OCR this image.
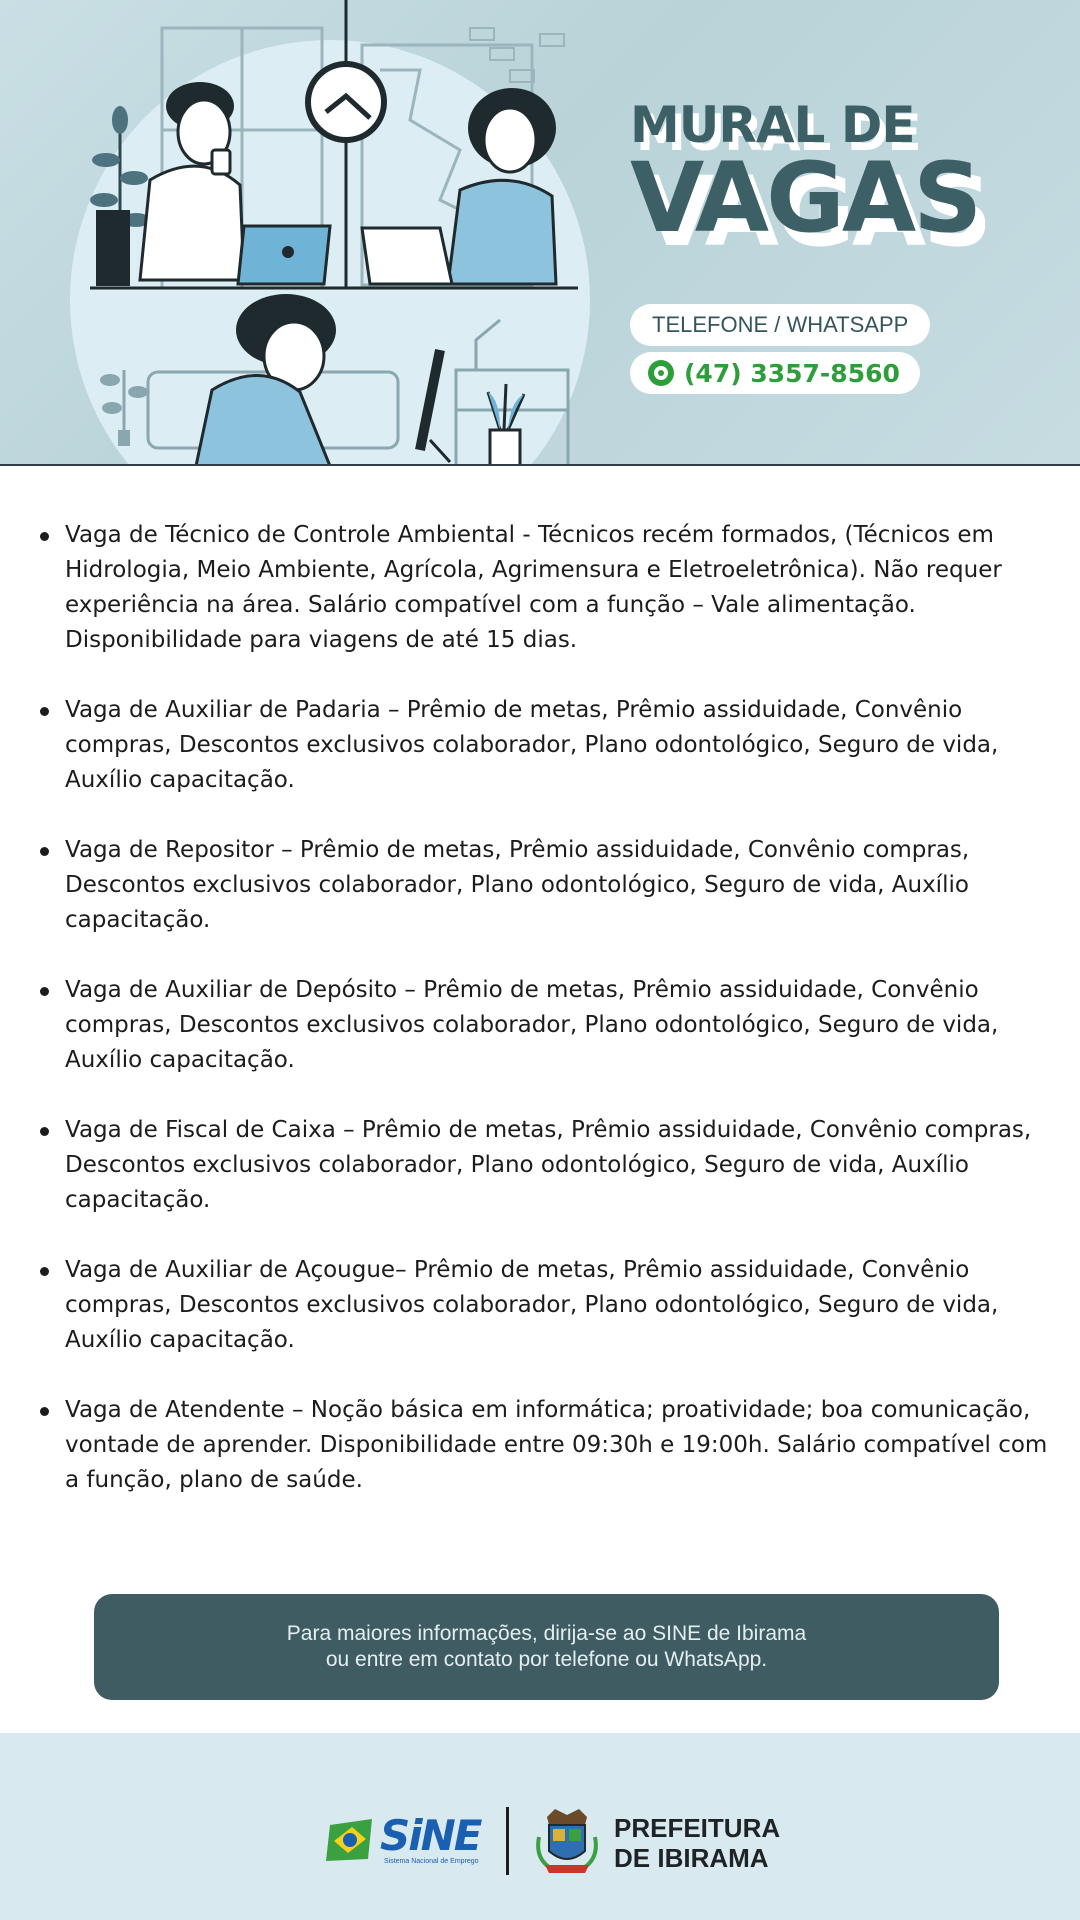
MURAL DE
VAGAS
TELEFONE / WHATSAPP
(47) 3357-8560
Vaga de Técnico de Controle Ambiental - Técnicos recém formados, (Técnicos em Hidrologia, Meio Ambiente, Agrícola, Agrimensura e Eletroeletrônica). Não requer experiência na área. Salário compatível com a função – Vale alimentação. Disponibilidade para viagens de até 15 dias.
Vaga de Auxiliar de Padaria – Prêmio de metas, Prêmio assiduidade, Convênio compras, Descontos exclusivos colaborador, Plano odontológico, Seguro de vida, Auxílio capacitação.
Vaga de Repositor – Prêmio de metas, Prêmio assiduidade, Convênio compras, Descontos exclusivos colaborador, Plano odontológico, Seguro de vida, Auxílio capacitação.
Vaga de Auxiliar de Depósito – Prêmio de metas, Prêmio assiduidade, Convênio compras, Descontos exclusivos colaborador, Plano odontológico, Seguro de vida, Auxílio capacitação.
Vaga de Fiscal de Caixa – Prêmio de metas, Prêmio assiduidade, Convênio compras, Descontos exclusivos colaborador, Plano odontológico, Seguro de vida, Auxílio capacitação.
Vaga de Auxiliar de Açougue– Prêmio de metas, Prêmio assiduidade, Convênio compras, Descontos exclusivos colaborador, Plano odontológico, Seguro de vida, Auxílio capacitação.
Vaga de Atendente – Noção básica em informática; proatividade; boa comunicação, vontade de aprender. Disponibilidade entre 09:30h e 19:00h. Salário compatível com a função, plano de saúde.
Para maiores informações, dirija-se ao SINE de Ibirama
ou entre em contato por telefone ou WhatsApp.
SiNE
Sistema Nacional de Emprego
PREFEITURA
DE IBIRAMA
